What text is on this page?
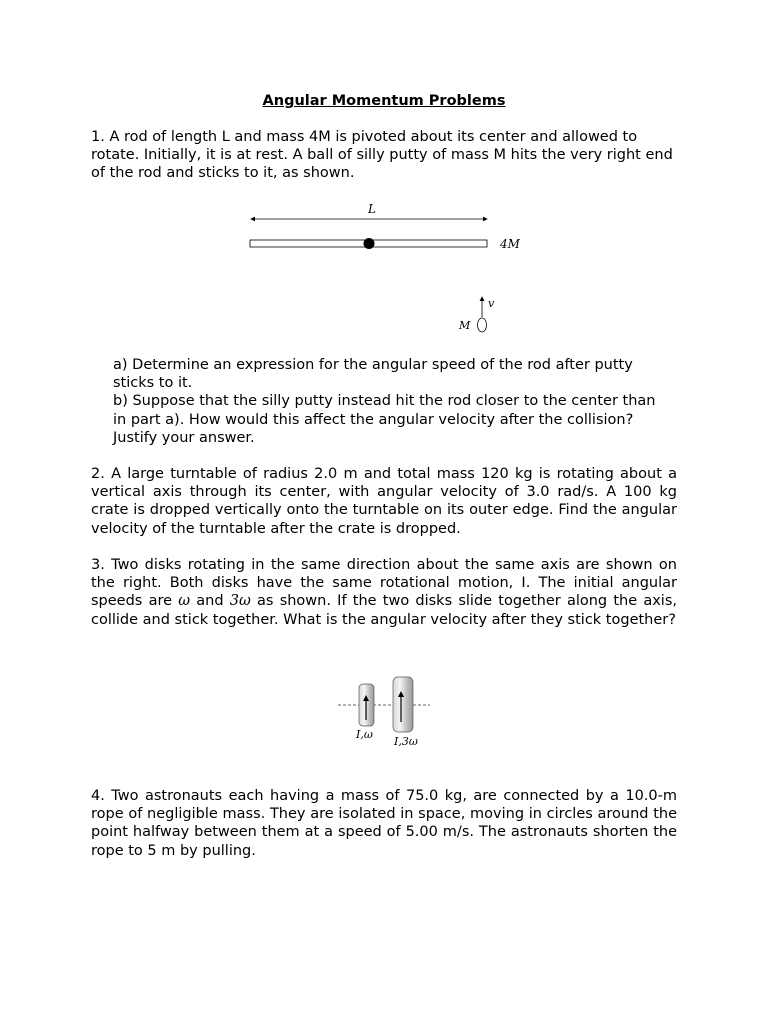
Angular Momentum Problems

1. A rod of length L and mass 4M is pivoted about its center and allowed to rotate. Initially, it is at rest. A ball of silly putty of mass M hits the very right end of the rod and sticks to it, as shown.

L
4M
v
M

a) Determine an expression for the angular speed of the rod after putty sticks to it.

b) Suppose that the silly putty instead hit the rod closer to the center than in part a). How would this affect the angular velocity after the collision? Justify your answer.

2. A large turntable of radius 2.0 m and total mass 120 kg is rotating about a vertical axis through its center, with angular velocity of 3.0 rad/s. A 100 kg crate is dropped vertically onto the turntable on its outer edge. Find the angular velocity of the turntable after the crate is dropped.

3. Two disks rotating in the same direction about the same axis are shown on the right. Both disks have the same rotational motion, I. The initial angular speeds are ω and 3ω as shown. If the two disks slide together along the axis, collide and stick together. What is the angular velocity after they stick together?

I,ω
I,3ω

4. Two astronauts each having a mass of 75.0 kg, are connected by a 10.0-m rope of negligible mass. They are isolated in space, moving in circles around the point halfway between them at a speed of 5.00 m/s. The astronauts shorten the rope to 5 m by pulling.
